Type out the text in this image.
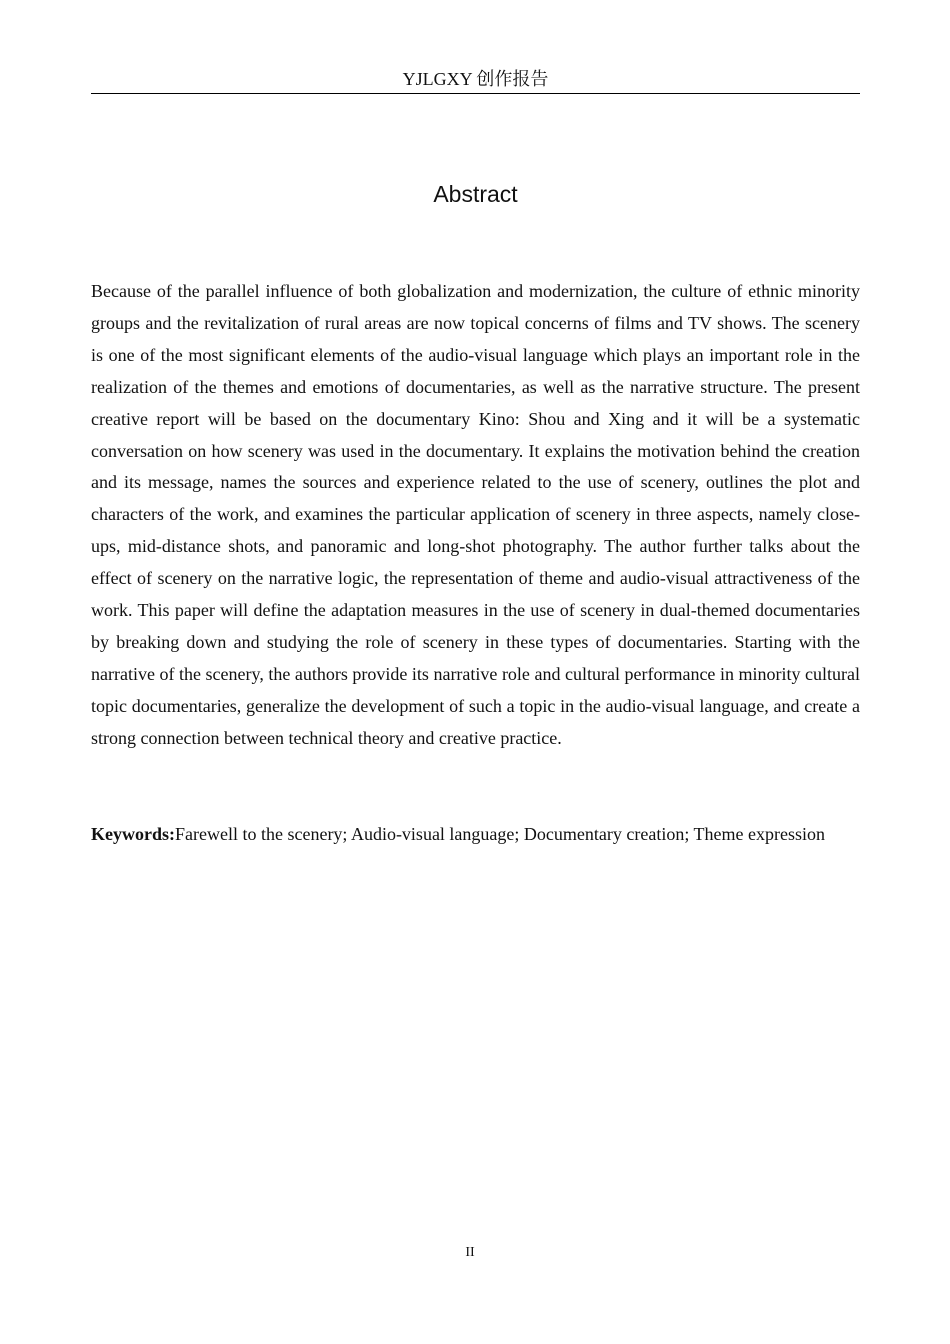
YJLGXY 创作报告
Abstract

Because of the parallel influence of both globalization and modernization, the culture of ethnic minority groups and the revitalization of rural areas are now topical concerns of films and TV shows. The scenery is one of the most significant elements of the audio-visual language which plays an important role in the realization of the themes and emotions of documentaries, as well as the narrative structure. The present creative report will be based on the documentary Kino: Shou and Xing and it will be a systematic conversation on how scenery was used in the documentary. It explains the motivation behind the creation and its message, names the sources and experience related to the use of scenery, outlines the plot and characters of the work, and examines the particular application of scenery in three aspects, namely close-ups, mid-distance shots, and panoramic and long-shot photography. The author further talks about the effect of scenery on the narrative logic, the representation of theme and audio-visual attractiveness of the work. This paper will define the adaptation measures in the use of scenery in dual-themed documentaries by breaking down and studying the role of scenery in these types of documentaries. Starting with the narrative of the scenery, the authors provide its narrative role and cultural performance in minority cultural topic documentaries, generalize the development of such a topic in the audio-visual language, and create a strong connection between technical theory and creative practice.

Keywords:Farewell to the scenery; Audio-visual language; Documentary creation; Theme expression

II
